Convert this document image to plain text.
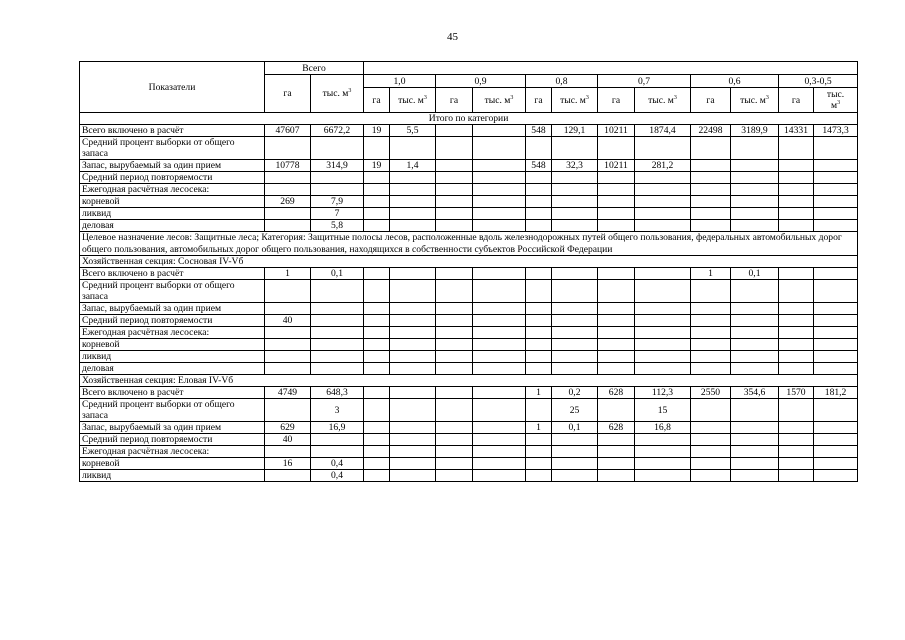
45
Показатели	Всего													
	га	тыс. $м^3$	1,0		0,9		0,8		0,7		0,6		0,3-0,5	
			га	тыс. $м^3$	га	тыс. $м^3$	га	тыс. $м^3$	га	тыс. $м^3$	га	тыс. $м^3$	га	тыс.
$м^3$
Итого по категории														
Всего включено в расчёт	47607	6672,2	19	5,5			548	129,1	10211	1874,4	22498	3189,9	14331	1473,3
Средний процент выборки от общего запаса														
Запас, вырубаемый за один прием	10778	314,9	19	1,4			548	32,3	10211	281,2				
Средний период повторяемости														
Ежегодная расчётная лесосека:														
корневой	269	7,9												
ликвид		7												
деловая		5,8												
Целевое назначение лесов: Защитные леса; Категория: Защитные полосы лесов, расположенные вдоль железнодорожных путей общего пользования, федеральных автомобильных дорог общего пользования, автомобильных дорог общего пользования, находящихся в собственности субъектов Российской Федерации														
Хозяйственная секция: Сосновая IV-Vб														
Всего включено в расчёт	1	0,1									1	0,1		
Средний процент выборки от общего запаса														
Запас, вырубаемый за один прием														
Средний период повторяемости	40													
Ежегодная расчётная лесосека:														
корневой														
ликвид														
деловая														
Хозяйственная секция: Еловая IV-Vб														
Всего включено в расчёт	4749	648,3					1	0,2	628	112,3	2550	354,6	1570	181,2
Средний процент выборки от общего запаса		3						25		15				
Запас, вырубаемый за один прием	629	16,9					1	0,1	628	16,8				
Средний период повторяемости	40													
Ежегодная расчётная лесосека:														
корневой	16	0,4												
ликвид		0,4												
